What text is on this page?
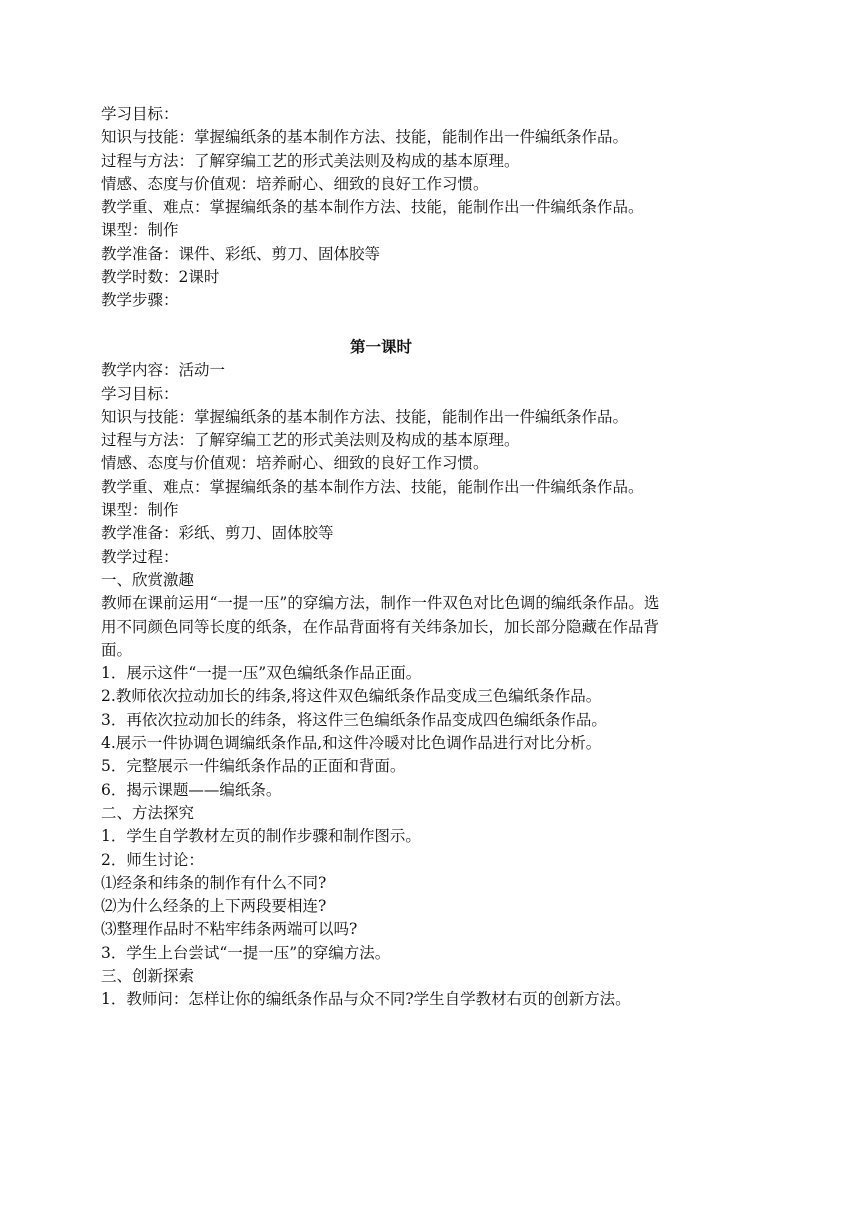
学习目标：
知识与技能：掌握编纸条的基本制作方法、技能，能制作出一件编纸条作品。
过程与方法：了解穿编工艺的形式美法则及构成的基本原理。
情感、态度与价值观：培养耐心、细致的良好工作习惯。
教学重、难点：掌握编纸条的基本制作方法、技能，能制作出一件编纸条作品。
课型：制作
教学准备：课件、彩纸、剪刀、固体胶等
教学时数：2课时
教学步骤：
第一课时
教学内容：活动一
学习目标：
知识与技能：掌握编纸条的基本制作方法、技能，能制作出一件编纸条作品。
过程与方法：了解穿编工艺的形式美法则及构成的基本原理。
情感、态度与价值观：培养耐心、细致的良好工作习惯。
教学重、难点：掌握编纸条的基本制作方法、技能，能制作出一件编纸条作品。
课型：制作
教学准备：彩纸、剪刀、固体胶等
教学过程：
一、欣赏激趣
教师在课前运用“一提一压”的穿编方法，制作一件双色对比色调的编纸条作品。选用不同颜色同等长度的纸条，在作品背面将有关纬条加长，加长部分隐藏在作品背面。
1．展示这件“一提一压”双色编纸条作品正面。
2.教师依次拉动加长的纬条,将这件双色编纸条作品变成三色编纸条作品。
3．再依次拉动加长的纬条，将这件三色编纸条作品变成四色编纸条作品。
4.展示一件协调色调编纸条作品,和这件冷暖对比色调作品进行对比分析。
5．完整展示一件编纸条作品的正面和背面。
6．揭示课题——编纸条。
二、方法探究
1．学生自学教材左页的制作步骤和制作图示。
2．师生讨论：
⑴经条和纬条的制作有什么不同?
⑵为什么经条的上下两段要相连?
⑶整理作品时不粘牢纬条两端可以吗?
3．学生上台尝试“一提一压”的穿编方法。
三、创新探索
1．教师问：怎样让你的编纸条作品与众不同?学生自学教材右页的创新方法。
